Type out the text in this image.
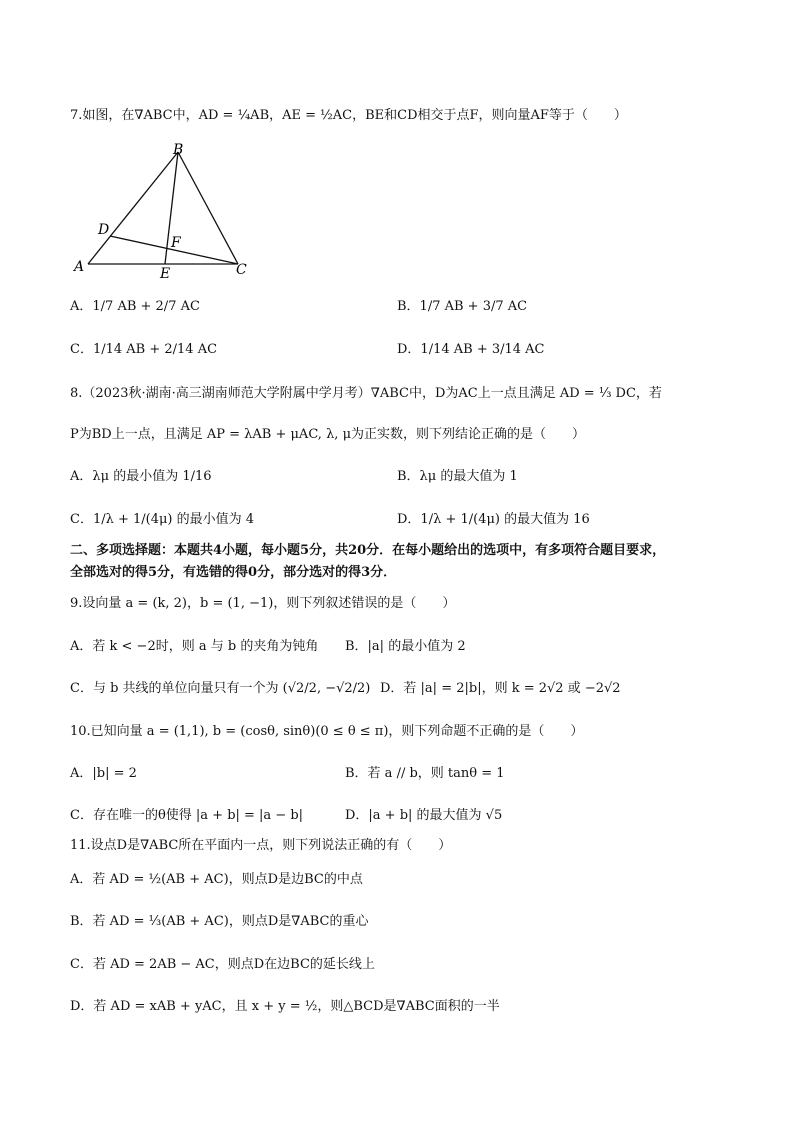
7.如图，在∇ABC中，AD = ¼AB，AE = ½AC，BE和CD相交于点F，则向量AF等于（　　）
B
D
F
A	E	C
A．1/7 AB + 2/7 AC	B．1/7 AB + 3/7 AC
C．1/14 AB + 2/14 AC	D．1/14 AB + 3/14 AC
8.（2023秋·湖南·高三湖南师范大学附属中学月考）∇ABC中，D为AC上一点且满足 AD = ⅓ DC，若
P为BD上一点，且满足 AP = λAB + μAC, λ, μ为正实数，则下列结论正确的是（　　）
A．λμ 的最小值为 1/16	B．λμ 的最大值为 1
C．1/λ + 1/(4μ) 的最小值为 4	D．1/λ + 1/(4μ) 的最大值为 16
二、多项选择题：本题共4小题，每小题5分，共20分．在每小题给出的选项中，有多项符合题目要求，
全部选对的得5分，有选错的得0分，部分选对的得3分．
9.设向量 a = (k, 2)，b = (1, −1)，则下列叙述错误的是（　　）
A．若 k < −2时，则 a 与 b 的夹角为钝角 B．|a| 的最小值为 2
C．与 b 共线的单位向量只有一个为 (√2/2, −√2/2) D．若 |a| = 2|b|，则 k = 2√2 或 −2√2
10.已知向量 a = (1,1), b = (cosθ, sinθ)(0 ≤ θ ≤ π)，则下列命题不正确的是（　　）
A．|b| = 2	B．若 a // b，则 tanθ = 1
C．存在唯一的θ使得 |a + b| = |a − b|	D．|a + b| 的最大值为 √5
11.设点D是∇ABC所在平面内一点，则下列说法正确的有（　　）
A．若 AD = ½(AB + AC)，则点D是边BC的中点
B．若 AD = ⅓(AB + AC)，则点D是∇ABC的重心
C．若 AD = 2AB − AC，则点D在边BC的延长线上
D．若 AD = xAB + yAC，且 x + y = ½，则△BCD是∇ABC面积的一半
